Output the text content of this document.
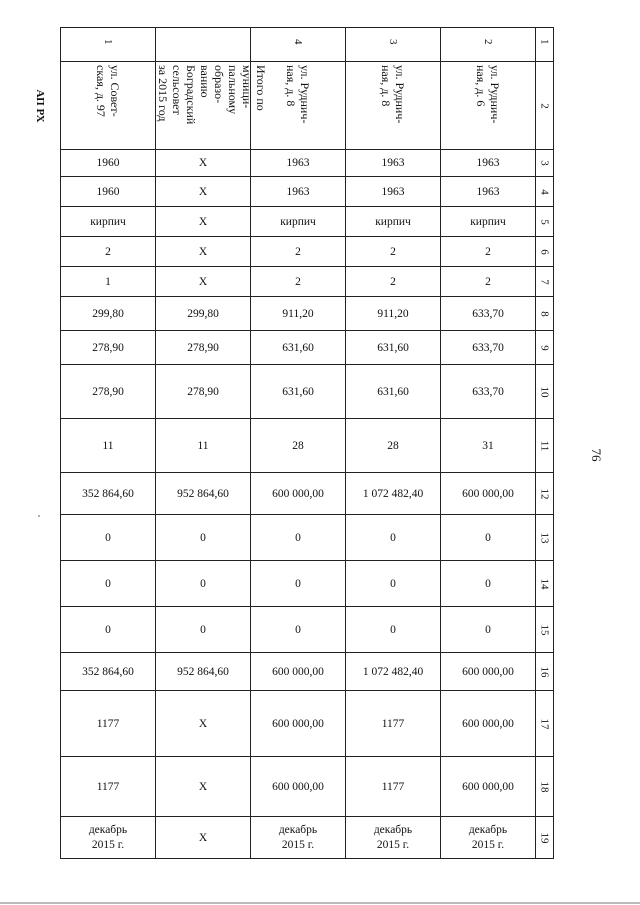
АП РХ
76
1		4	3	2	1

ул. Совет-
ская, д. 97	Итого по муници-
пальному образо-
ванию Боградский
сельсовет
за 2015 год	ул. Руднич-
ная, д. 8	ул. Руднич-
ная, д. 8	ул. Руднич-
ная, д. 6	2

1960	Х	1963	1963	1963	3

1960	Х	1963	1963	1963	4

кирпич	Х	кирпич	кирпич	кирпич	5

2	Х	2	2	2	6

1	Х	2	2	2	7

299,80	299,80	911,20	911,20	633,70	8

278,90	278,90	631,60	631,60	633,70	9

278,90	278,90	631,60	631,60	633,70	10

11	11	28	28	31	11

352 864,60	952 864,60	600 000,00	1 072 482,40	600 000,00	12

0	0	0	0	0	13

0	0	0	0	0	14

0	0	0	0	0	15

352 864,60	952 864,60	600 000,00	1 072 482,40	600 000,00	16

1177	Х	600 000,00	1177	600 000,00	17

1177	Х	600 000,00	1177	600 000,00	18

декабрь
2015 г.	Х	декабрь
2015 г.	декабрь
2015 г.	декабрь
2015 г.	19
